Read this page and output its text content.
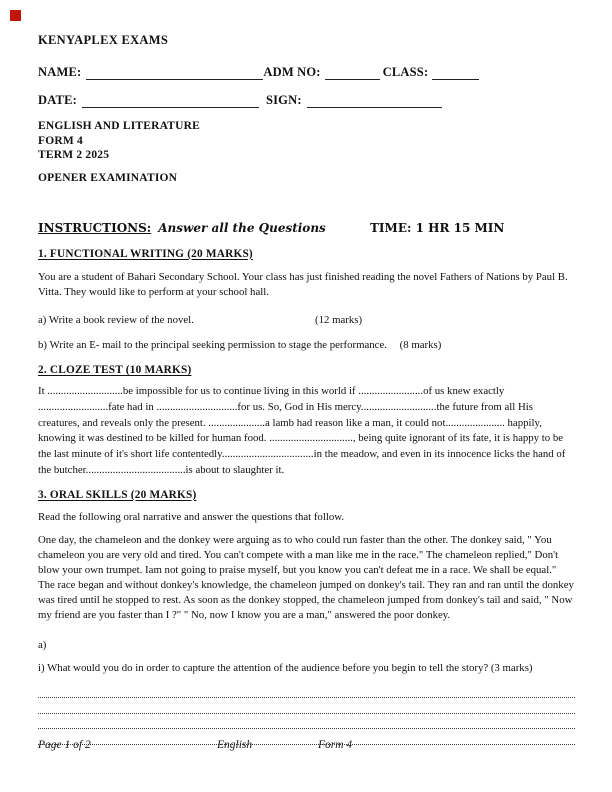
KENYAPLEX EXAMS
NAME:	ADM NO:	CLASS:
DATE:	SIGN:
ENGLISH AND LITERATURE
FORM 4
TERM 2 2025
OPENER EXAMINATION
INSTRUCTIONS: Answer all the Questions	TIME: 1 HR 15 MIN
1. FUNCTIONAL WRITING (20 MARKS)
You are a student of Bahari Secondary School. Your class has just finished reading the novel Fathers of Nations by Paul B. Vitta. They would like to perform at your school hall.
a) Write a book review of the novel.	(12 marks)
b) Write an E- mail to the principal seeking permission to stage the performance. (8 marks)
2. CLOZE TEST (10 MARKS)
It ............................be impossible for us to continue living in this world if ........................of us knew exactly ..........................fate had in ..............................for us. So, God in His mercy............................the future from all His creatures, and reveals only the present. .....................a lamb had reason like a man, it could not...................... happily, knowing it was destined to be killed for human food. ..............................., being quite ignorant of its fate, it is happy to be the last minute of it's short life contentedly..................................in the meadow, and even in its innocence licks the hand of the butcher.....................................is about to slaughter it.
3. ORAL SKILLS (20 MARKS)
Read the following oral narrative and answer the questions that follow.
One day, the chameleon and the donkey were arguing as to who could run faster than the other. The donkey said, " You chameleon you are very old and tired. You can't compete with a man like me in the race." The chameleon replied," Don't blow your own trumpet. Iam not going to praise myself, but you know you can't defeat me in a race. We shall be equal." The race began and without donkey's knowledge, the chameleon jumped on donkey's tail. They ran and ran until the donkey was tired until he stopped to rest. As soon as the donkey stopped, the chameleon jumped from donkey's tail and said, " Now my friend are you faster than I ?" " No, now I know you are a man," answered the poor donkey.
a)
i) What would you do in order to capture the attention of the audience before you begin to tell the story? (3 marks)
Page 1 of 2	English	Form 4
